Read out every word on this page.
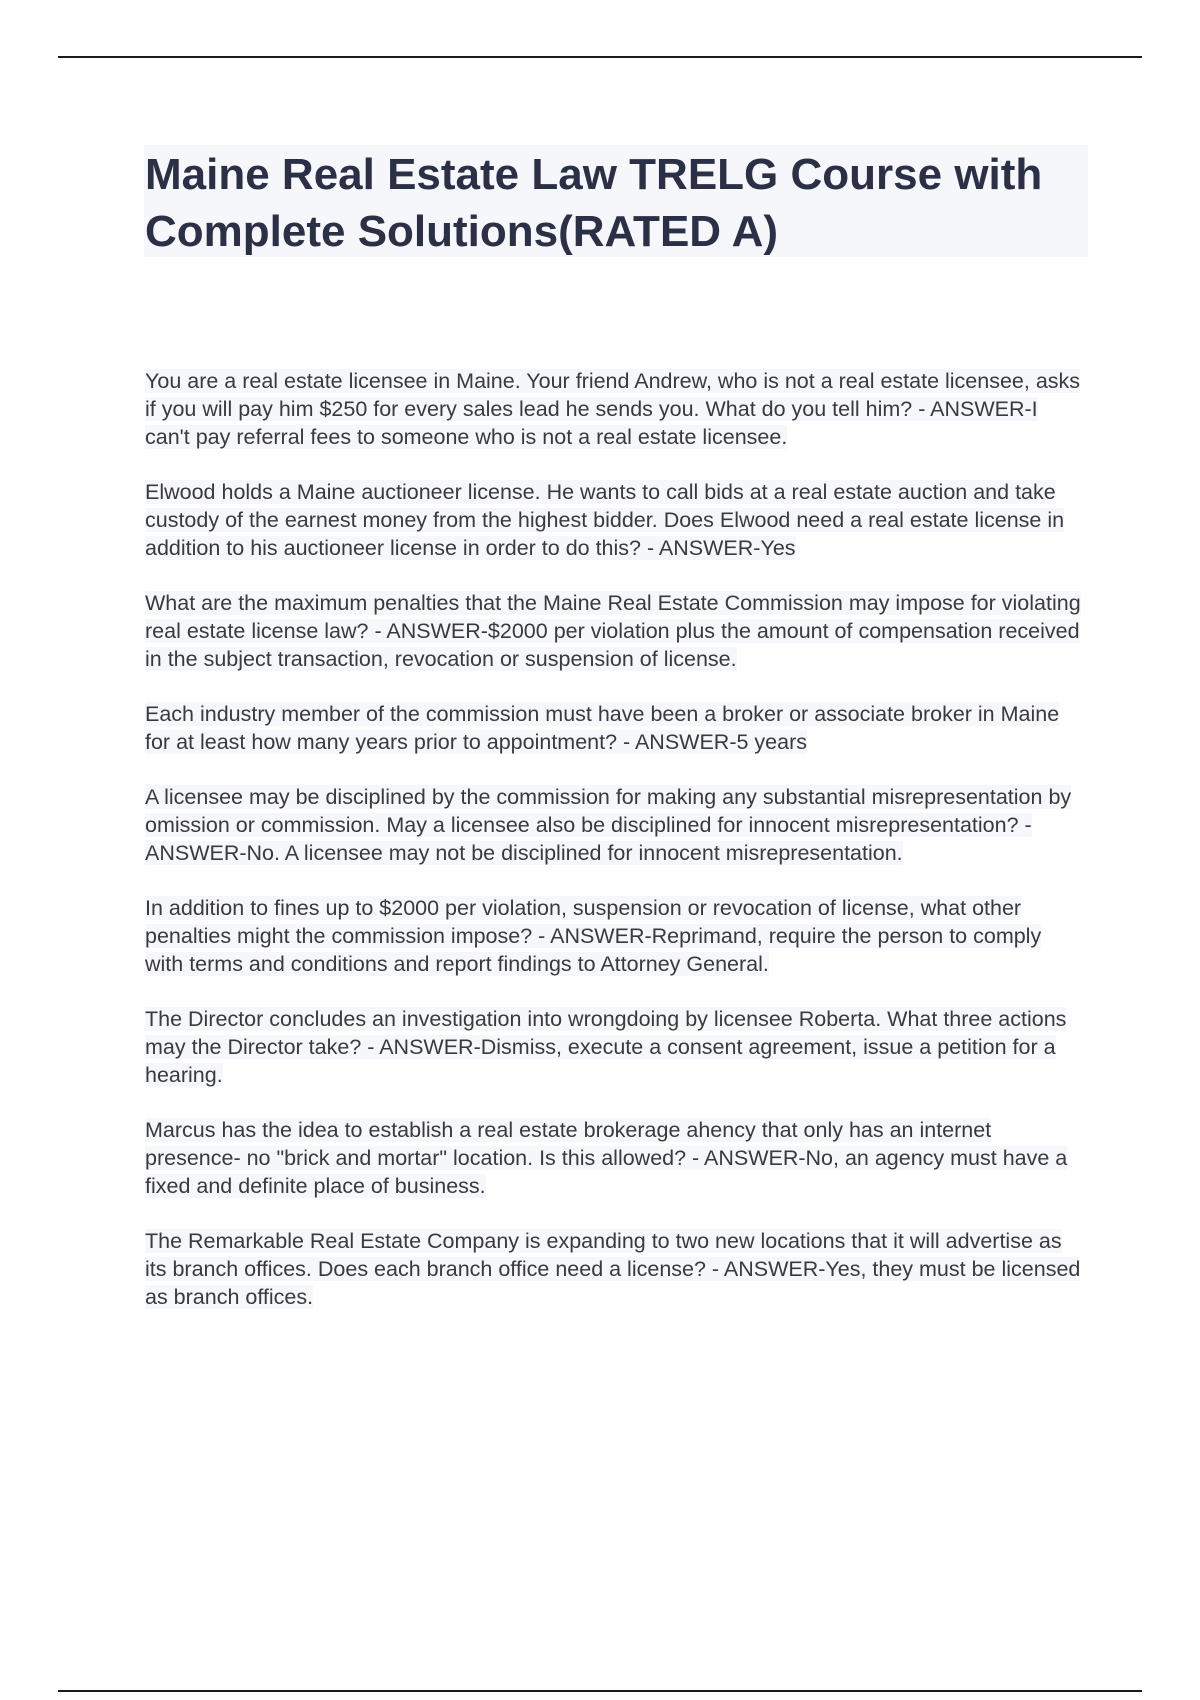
Maine Real Estate Law TRELG Course with Complete Solutions(RATED A)

You are a real estate licensee in Maine. Your friend Andrew, who is not a real estate licensee, asks if you will pay him $250 for every sales lead he sends you. What do you tell him? - ANSWER-I can't pay referral fees to someone who is not a real estate licensee.

Elwood holds a Maine auctioneer license. He wants to call bids at a real estate auction and take custody of the earnest money from the highest bidder. Does Elwood need a real estate license in addition to his auctioneer license in order to do this? - ANSWER-Yes

What are the maximum penalties that the Maine Real Estate Commission may impose for violating real estate license law? - ANSWER-$2000 per violation plus the amount of compensation received in the subject transaction, revocation or suspension of license.

Each industry member of the commission must have been a broker or associate broker in Maine for at least how many years prior to appointment? - ANSWER-5 years

A licensee may be disciplined by the commission for making any substantial misrepresentation by omission or commission. May a licensee also be disciplined for innocent misrepresentation? - ANSWER-No. A licensee may not be disciplined for innocent misrepresentation.

In addition to fines up to $2000 per violation, suspension or revocation of license, what other penalties might the commission impose? - ANSWER-Reprimand, require the person to comply with terms and conditions and report findings to Attorney General.

The Director concludes an investigation into wrongdoing by licensee Roberta. What three actions may the Director take? - ANSWER-Dismiss, execute a consent agreement, issue a petition for a hearing.

Marcus has the idea to establish a real estate brokerage ahency that only has an internet presence- no "brick and mortar" location. Is this allowed? - ANSWER-No, an agency must have a fixed and definite place of business.

The Remarkable Real Estate Company is expanding to two new locations that it will advertise as its branch offices. Does each branch office need a license? - ANSWER-Yes, they must be licensed as branch offices.
